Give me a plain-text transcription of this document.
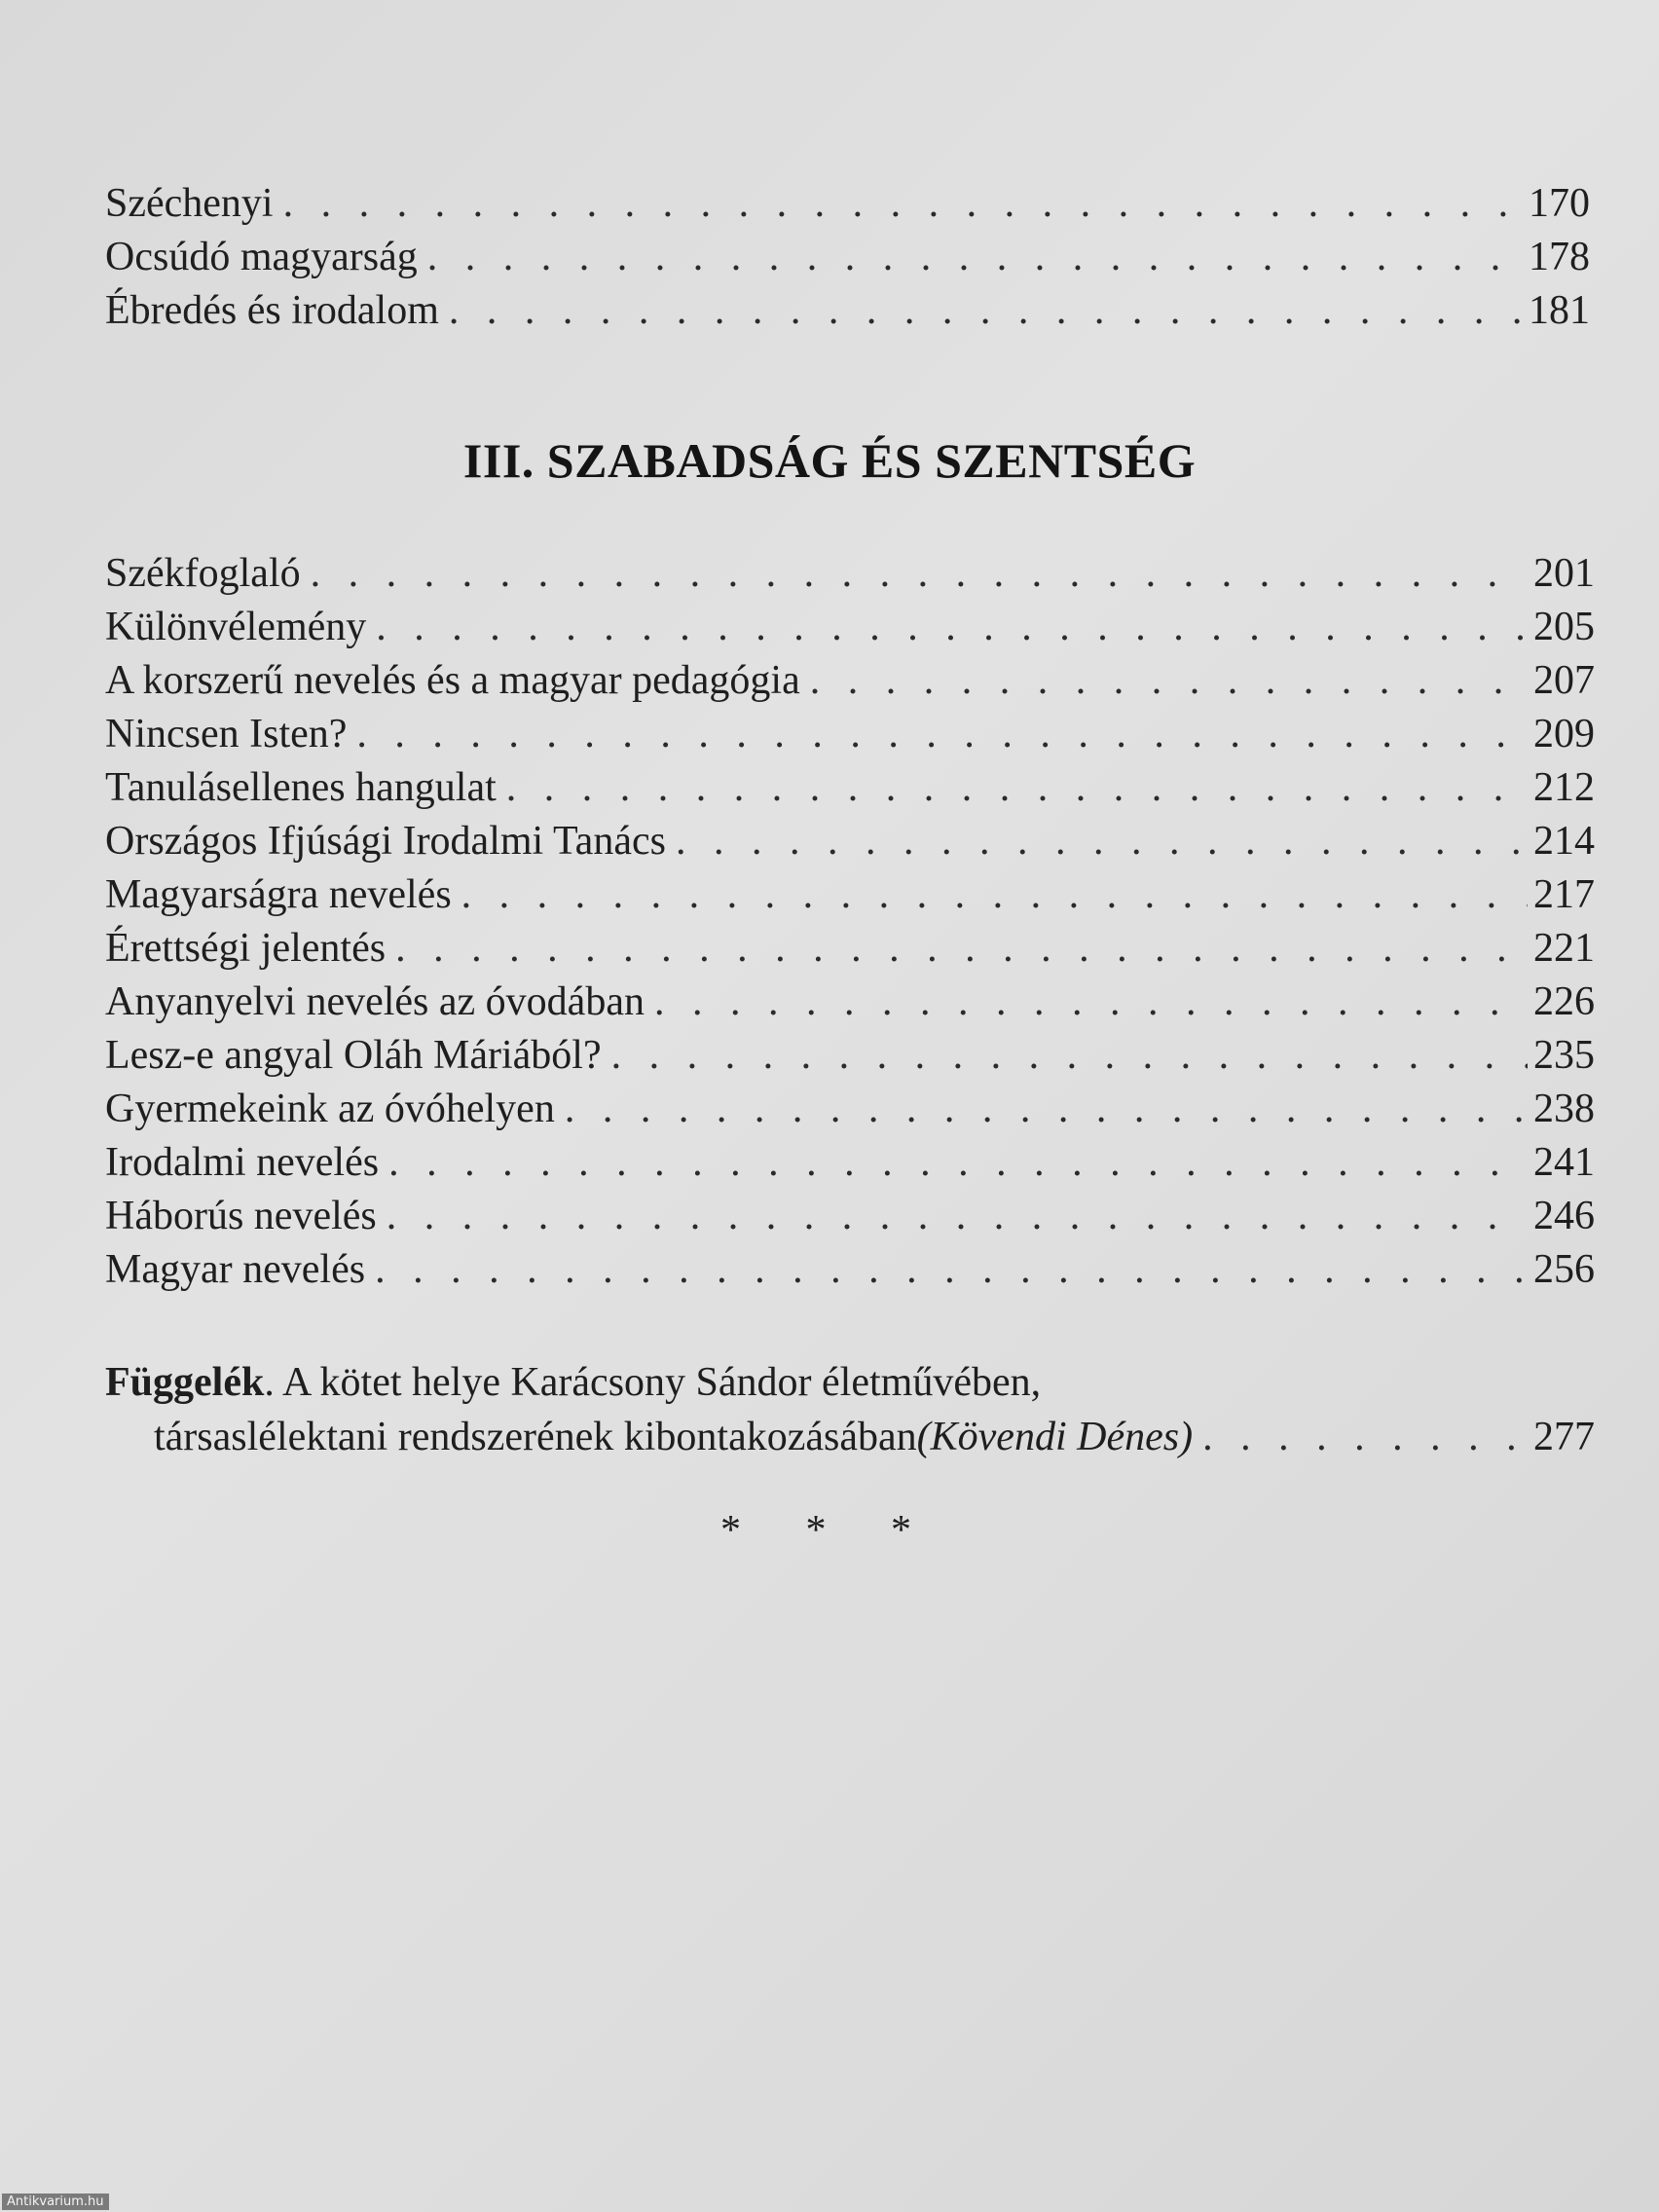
Széchenyi . . .	170
Ocsúdó magyarság . . .	178
Ébredés és irodalom . . .	181
III. SZABADSÁG ÉS SZENTSÉG
Székfoglaló . . .	201
Különvélemény . . .	205
A korszerű nevelés és a magyar pedagógia . . .	207
Nincsen Isten? . . .	209
Tanulásellenes hangulat . . .	212
Országos Ifjúsági Irodalmi Tanács . . .	214
Magyarságra nevelés . . .	217
Érettségi jelentés . . .	221
Anyanyelvi nevelés az óvodában . . .	226
Lesz-e angyal Oláh Máriából? . . .	235
Gyermekeink az óvóhelyen . . .	238
Irodalmi nevelés . . .	241
Háborús nevelés . . .	246
Magyar nevelés . . .	256
Függelék. A kötet helye Karácsony Sándor életművében,
társaslélektani rendszerének kibontakozásában (Kövendi Dénes) . . .	277
* * *
Antikvarium.hu
